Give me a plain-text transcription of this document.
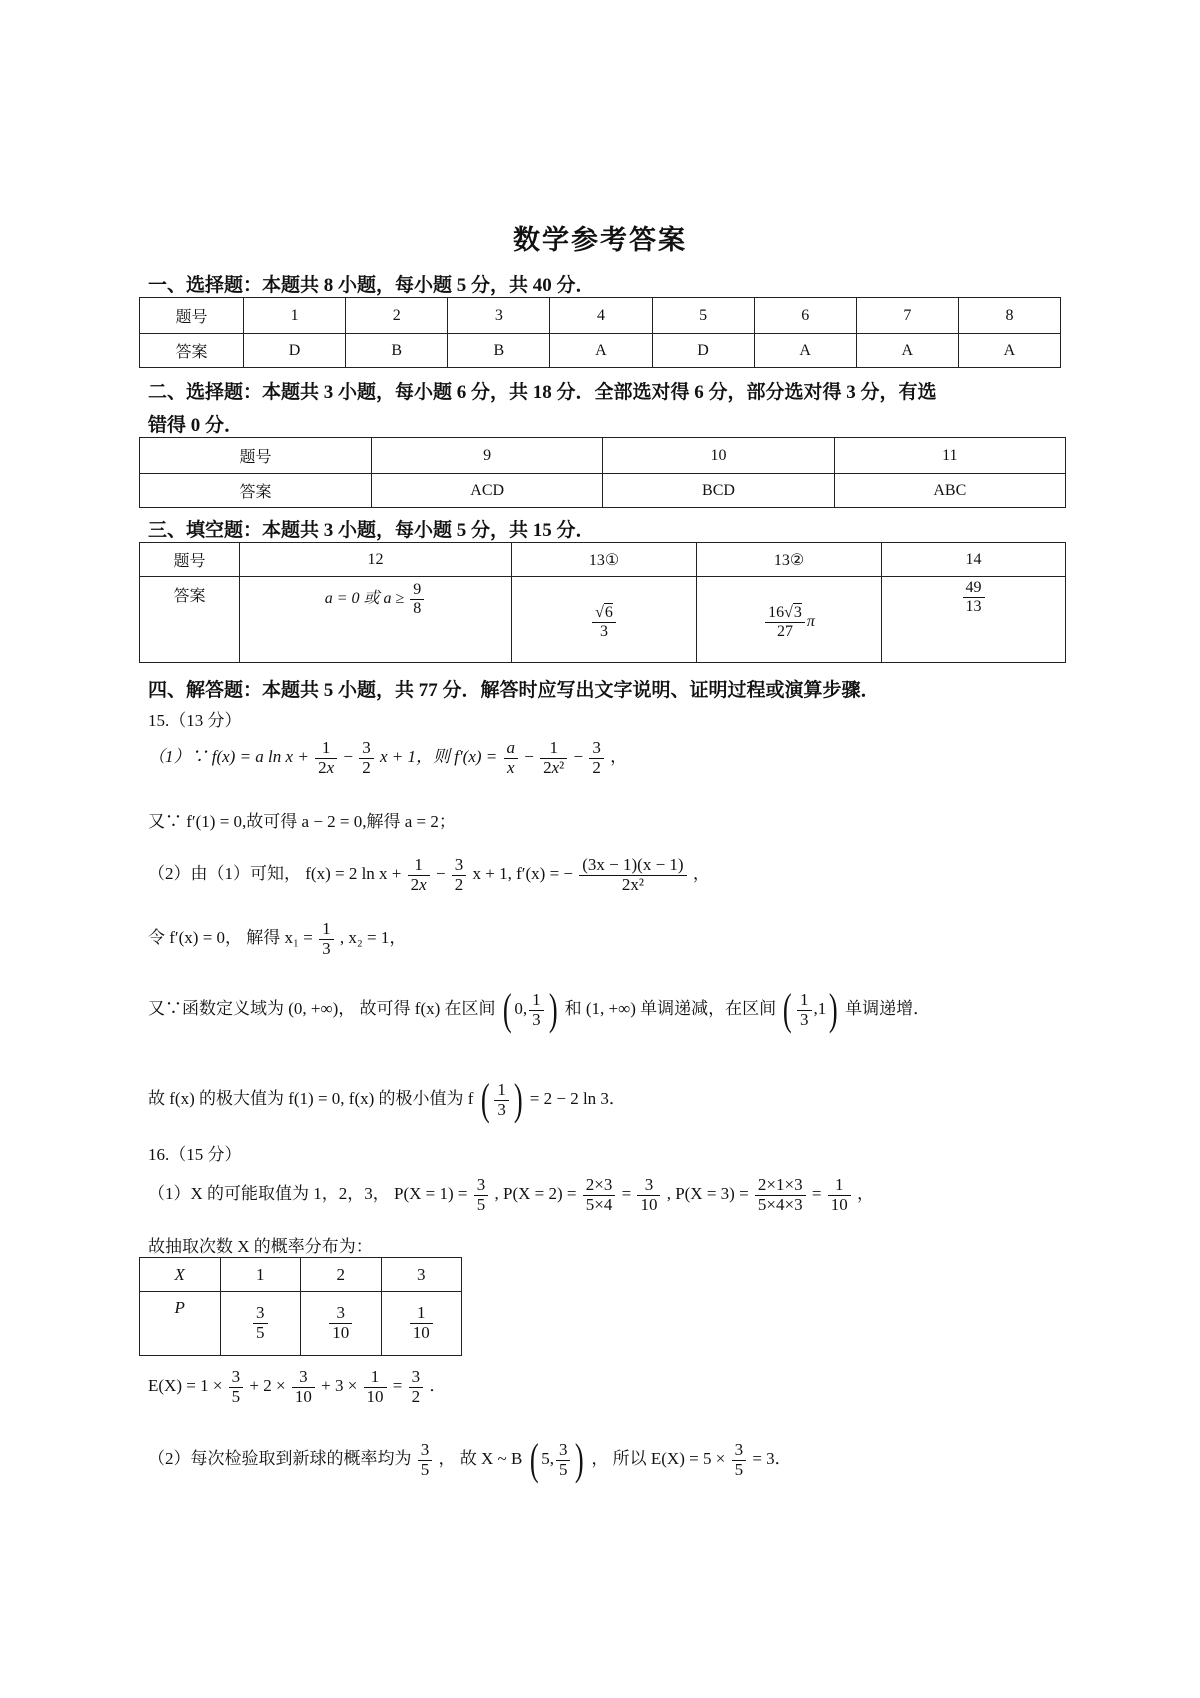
数学参考答案
一、选择题：本题共 8 小题，每小题 5 分，共 40 分．
题号	1	2	3	4	5	6	7	8
答案	D	B	B	A	D	A	A	A
二、选择题：本题共 3 小题，每小题 6 分，共 18 分．全部选对得 6 分，部分选对得 3 分，有选
错得 0 分．
题号	9	10	11
答案	ACD	BCD	ABC
三、填空题：本题共 3 小题，每小题 5 分，共 15 分．
题号	12	13①	13②	14
答案	a = 0 或 $a \ge \frac{9}{8}$	$\frac{√6}{3}$	$\frac{16√3}{27}$ π	$\frac{49}{13}$
四、解答题：本题共 5 小题，共 77 分．解答时应写出文字说明、证明过程或演算步骤．
15.（13 分）
（1）∵ f(x) = a $\ln x + \frac{1}{2x} - \frac{3}{2}$ x + 1，则 $f'(x) = \frac{a}{x} - \frac{1}{\text{2x²}} - \frac{3}{2}$ ，
又∵ f′(1) = 0,故可得 a − 2 = 0,解得 a = 2；
（2）由（1）可知， f(x) = 2 $\ln x + \frac{1}{2x} - \frac{3}{2}$ x + 1, f′(x) = − $\frac{(3x - 1)(x - 1)}{\text{2x²}}$ ，
令 f′(x) = 0， 解得 $x_1 = \frac{1}{3}$ , x₂ = 1，
又∵函数定义域为 (0, +∞)， 故可得 f(x) 在区间 ( 0, $\frac{1}{3}$ ) 和 (1, +∞) 单调递减，在区间 ( $\frac{1}{3} ,1$) 单调递增．
故 f(x) 的极大值为 f(1) = 0, f(x) 的极小值为 f ( $\frac{1}{3}$ ) = 2 − 2 ln 3．
16.（15 分）
（1）X 的可能取值为 1，2，3， $P(X = 1) = \frac{3}{5}$ , $P(X = 2) = \frac{2\times 3}{5\times 4} = \frac{3}{10}$ , $P(X = 3) = \frac{2\times 1\times 3}{5\times 4\times 3} = \frac{1}{10}$ ，
故抽取次数 X 的概率分布为：
X	1	2	3
P	$\frac{3}{5}$	$\frac{3}{10}$	$\frac{1}{10}$
$E(X) = 1 \times \frac{3}{5} + 2 \times \frac{3}{10} + 3 \times \frac{1}{10} = \frac{3}{2}$ ．
（2）每次检验取到新球的概率均为 $\frac{3}{5}$ ， 故 X ~ B ( 5, $\frac{3}{5}$ ) ， 所以 $E(X) = 5 \times \frac{3}{5} = 3$．
